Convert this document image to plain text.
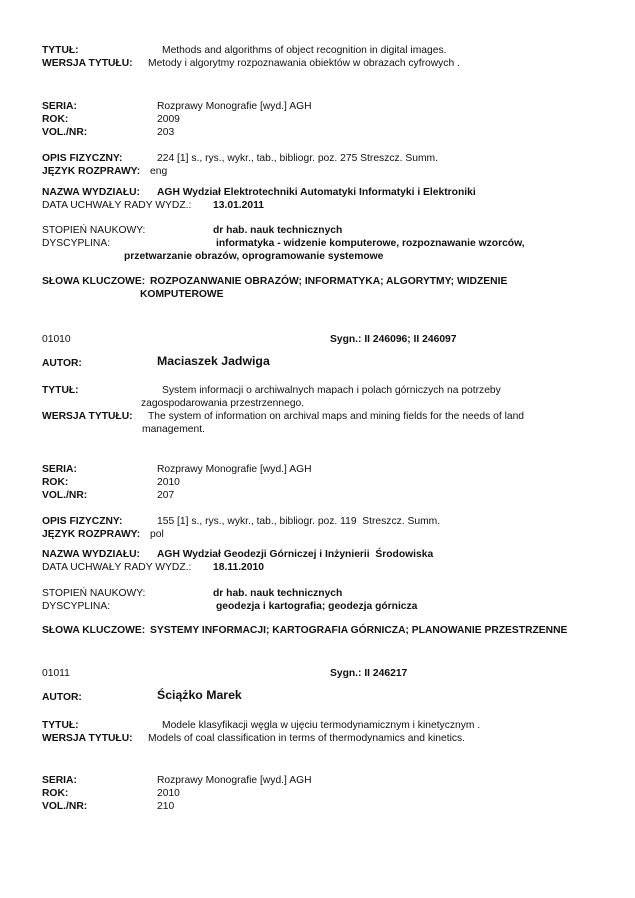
TYTUŁ:

	Methods and algorithms of object recognition in digital images.

WERSJA TYTUŁU:

Metody i algorytmy rozpoznawania obiektów w obrazach cyfrowych .

SERIA:

	Rozprawy Monografie [wyd.] AGH

ROK:

	2009

VOL./NR:

	203

OPIS FIZYCZNY:

	224 [1] s., rys., wykr., tab., bibliogr. poz. 275 Streszcz. Summ.

JĘZYK ROZPRAWY:

eng

NAZWA WYDZIAŁU:

AGH Wydział Elektrotechniki Automatyki Informatyki i Elektroniki

DATA UCHWAŁY RADY WYDZ.:

13.01.2011

STOPIEŃ NAUKOWY:

	dr hab. nauk technicznych

DYSCYPLINA:

	informatyka - widzenie komputerowe, rozpoznawanie wzorców,

przetwarzanie obrazów, oprogramowanie systemowe

SŁOWA KLUCZOWE:

ROZPOZANWANIE OBRAZÓW; INFORMATYKA; ALGORYTMY; WIDZENIE

KOMPUTEROWE

01010

	Sygn.: II 246096; II 246097

AUTOR:

	Maciaszek Jadwiga

TYTUŁ:

	System informacji o archiwalnych mapach i polach górniczych na potrzeby

zagospodarowania przestrzennego.

WERSJA TYTUŁU:

The system of information on archival maps and mining fields for the needs of land

management.

SERIA:

	Rozprawy Monografie [wyd.] AGH

ROK:

	2010

VOL./NR:

	207

OPIS FIZYCZNY:

	155 [1] s., rys., wykr., tab., bibliogr. poz. 119  Streszcz. Summ.

JĘZYK ROZPRAWY:

pol

NAZWA WYDZIAŁU:

AGH Wydział Geodezji Górniczej i Inżynierii  Środowiska

DATA UCHWAŁY RADY WYDZ.:

18.11.2010

STOPIEŃ NAUKOWY:

	dr hab. nauk technicznych

DYSCYPLINA:

	geodezja i kartografia; geodezja górnicza

SŁOWA KLUCZOWE:

SYSTEMY INFORMACJI; KARTOGRAFIA GÓRNICZA; PLANOWANIE PRZESTRZENNE

01011

	Sygn.: II 246217

AUTOR:

	Ściążko Marek

TYTUŁ:

	Modele klasyfikacji węgla w ujęciu termodynamicznym i kinetycznym .

WERSJA TYTUŁU:

Models of coal classification in terms of thermodynamics and kinetics.

SERIA:

	Rozprawy Monografie [wyd.] AGH

ROK:

	2010

VOL./NR:

	210
